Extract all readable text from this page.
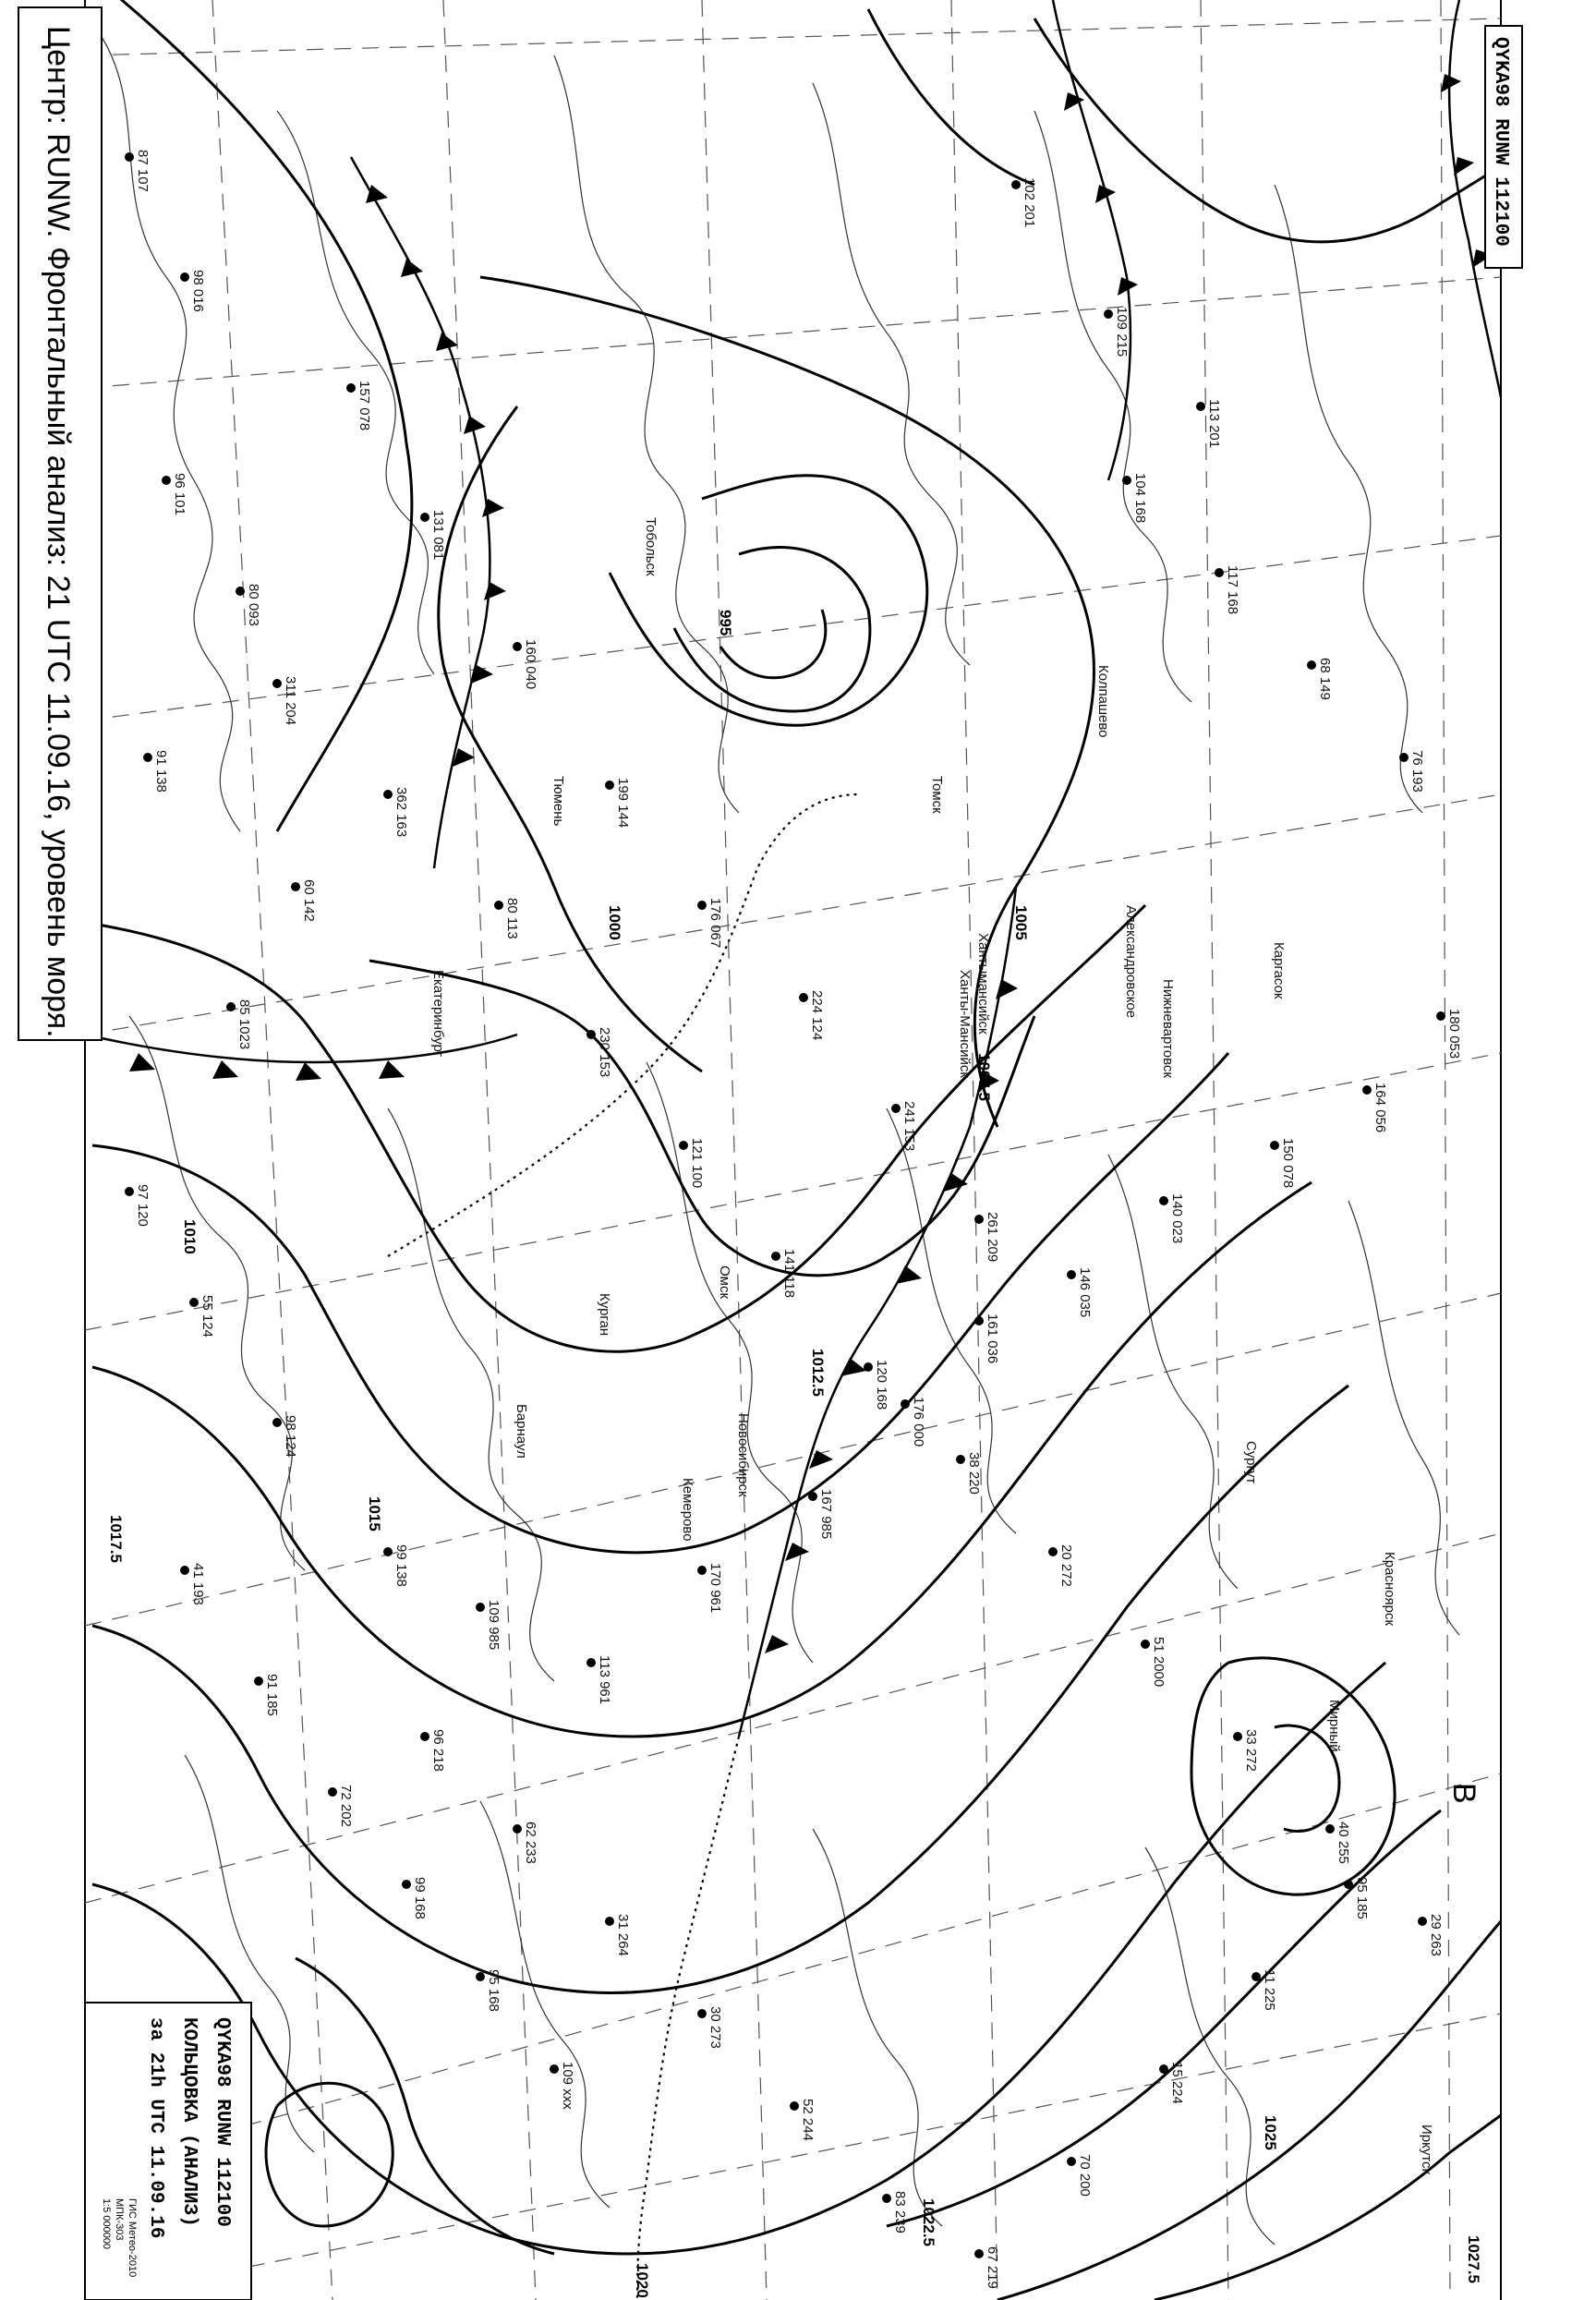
87 107
98 016
96 101
80 093
91 138
60 142
85 1023
97 120
55 124
98 124
99 138
109 985
113 961
170 961
167 985
176 000
161 036
146 035
140 023
150 078
164 056
180 053
157 078
131 081
160 040
199 144
176 067
224 124
241 153
261 209
311 204
362 163
80 113
230 153
121 100
141 118
120 168
38 220
20 272
51 2000
33 272
40 255
29 263
96 218
62 233
31 264
30 273
52 244
83 239
67 219
70 200
15 224
11 225
95 185
41 193
91 185
72 202
99 168
95 168
109 xxx
104 168
117 168
68 149
76 193
102 201
109 215
113 201
1005
1010
1015
1020
1022.5
1025
1027.5
1000
995
1007.5
1017.5
1012.5
Сургут
Хантымансийск
Ханты-Мансийск
Омск
Новосибирск
Барнаул
Томск
Кемерово
Тюмень
Екатеринбург
Курган
Тобольск
Нижневартовск
Александровское
Колпашево
Каргасок
Мирный
Иркутск
Красноярск
B
Центр: RUNW. Фронтальный анализ: 21 UTC 11.09.16, уровень моря.	QYKA98 RUNW 112100
QYKA98 RUNW 112100
КОЛЬЦОВКА (АНАЛИЗ)
за 21h UTC 11.09.16
ГИС Метео-2010
МПК-303
1:5 000000
